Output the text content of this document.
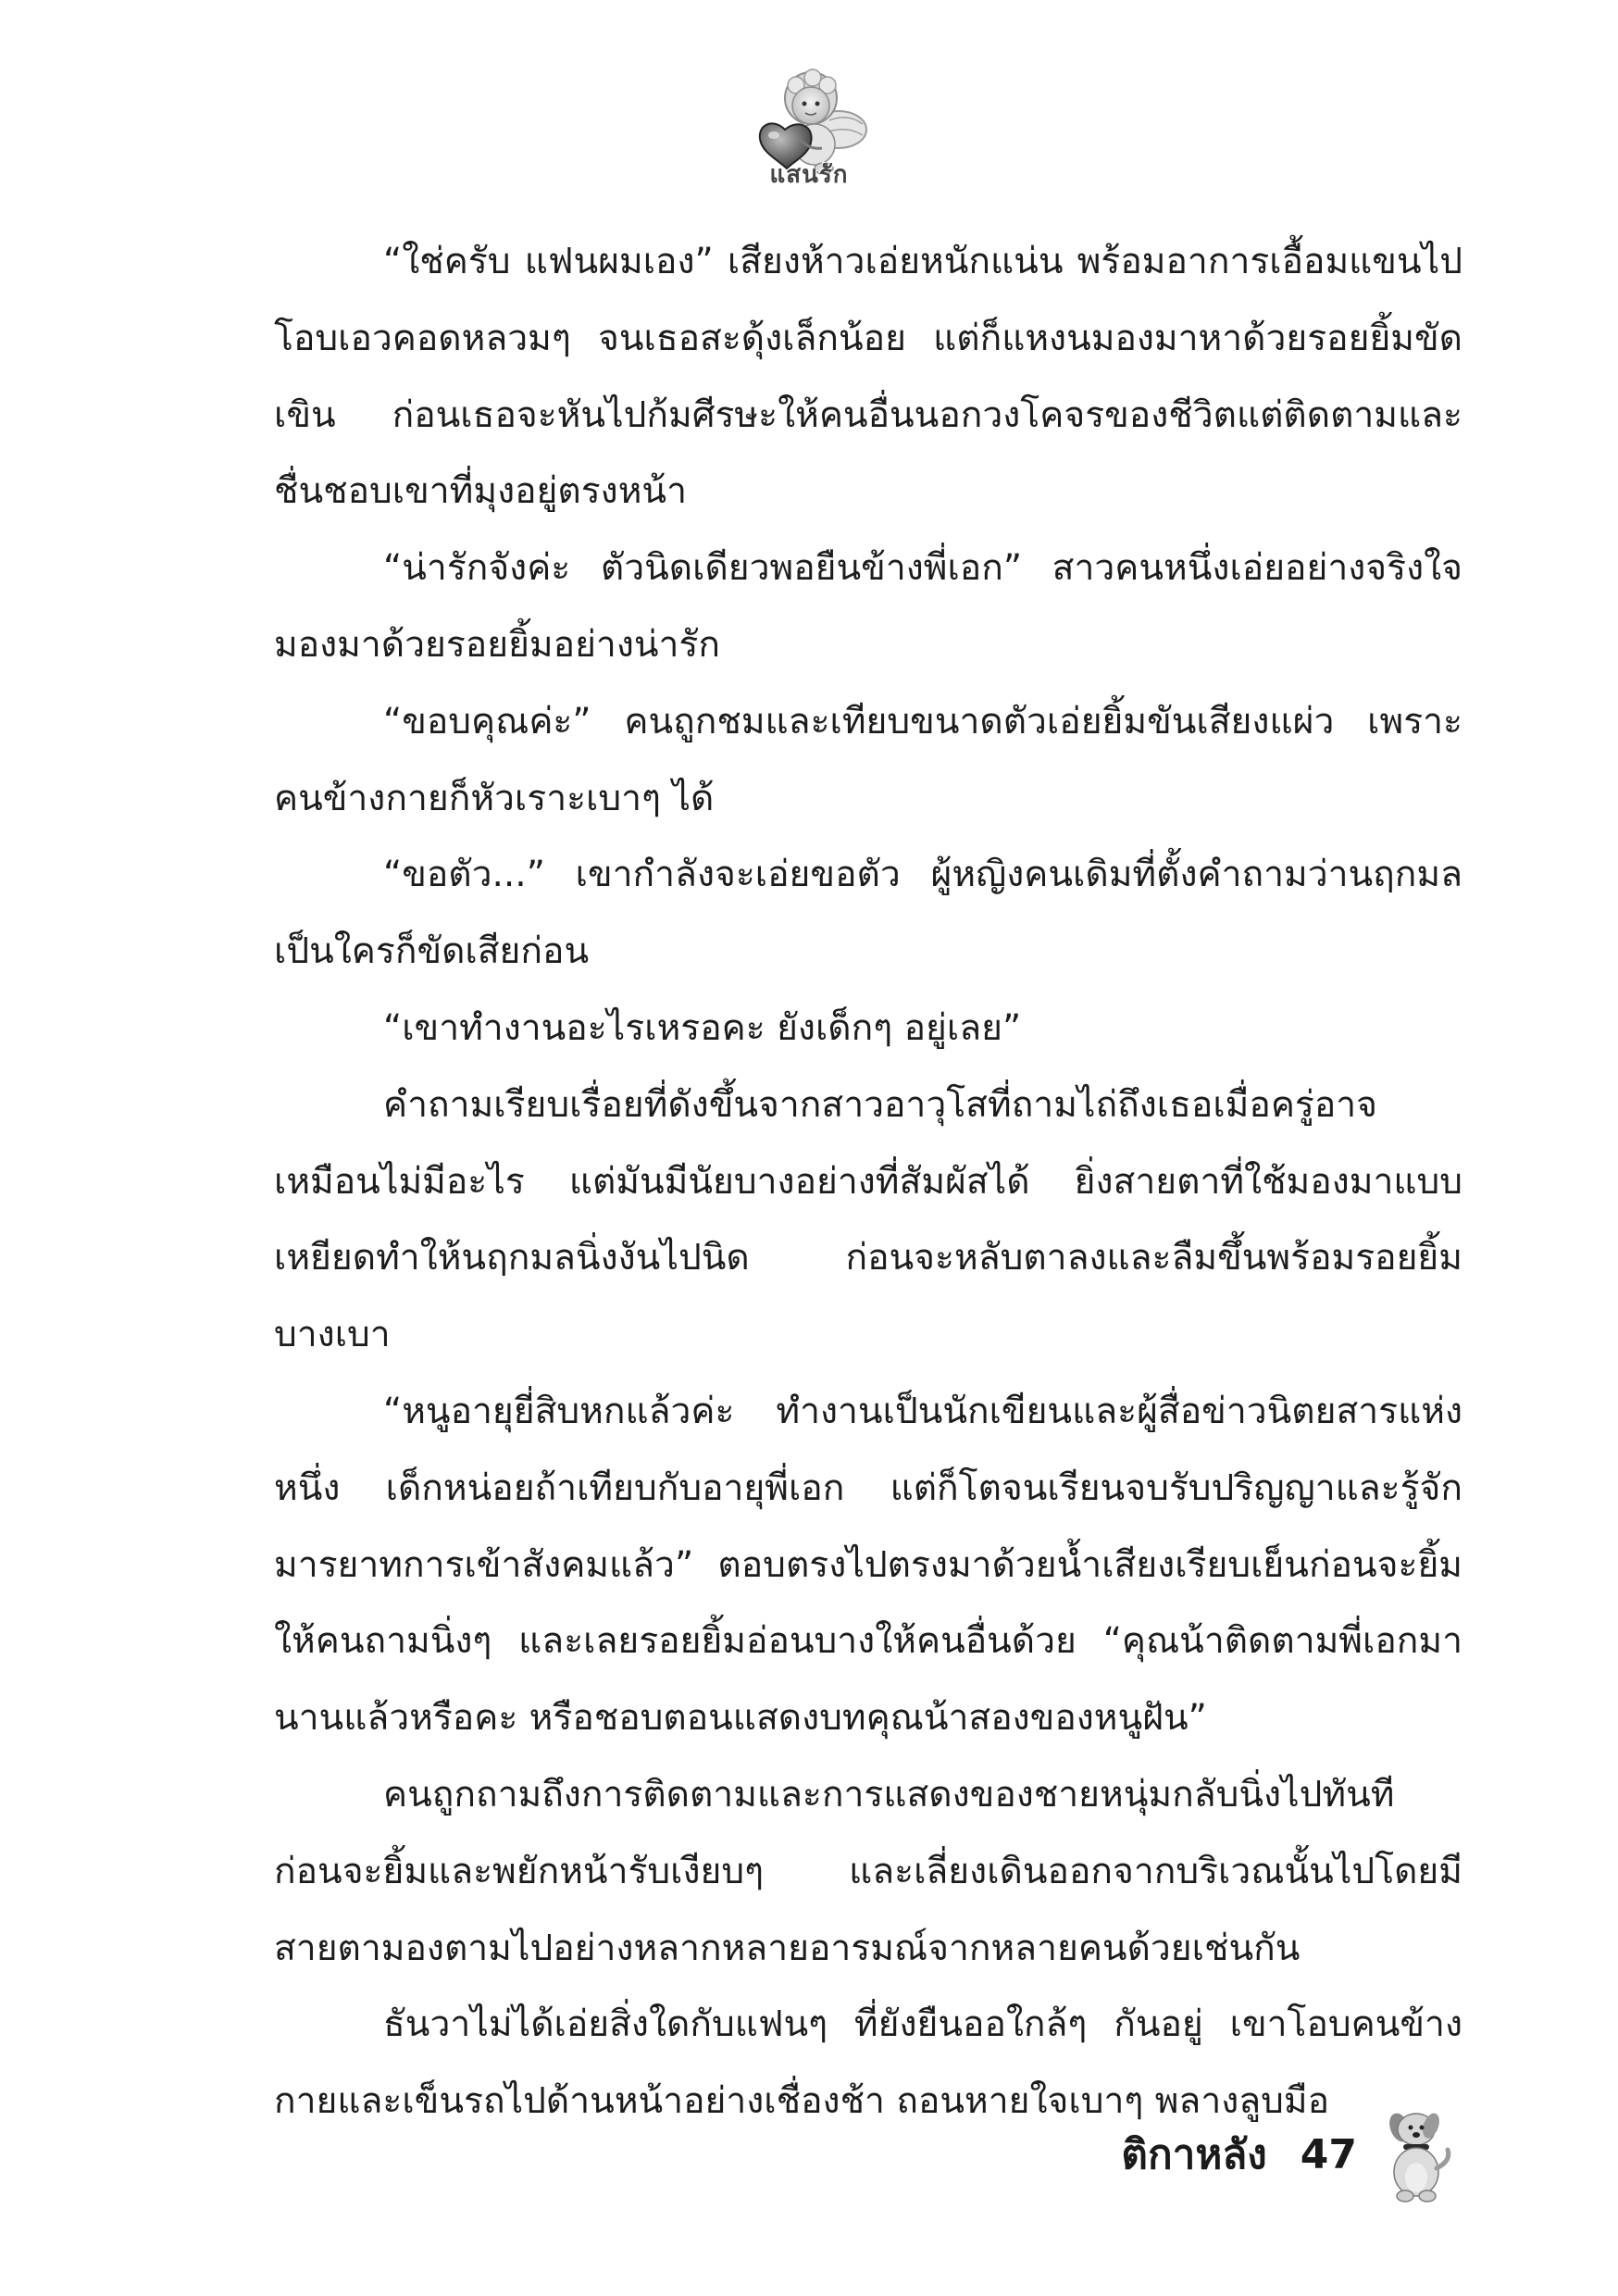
แสนรัก

“ใช่ครับ แฟนผมเอง” เสียงห้าวเอ่ยหนักแน่น พร้อมอาการเอื้อมแขนไปโอบเอวคอดหลวมๆ จนเธอสะดุ้งเล็กน้อย แต่ก็แหงนมองมาหาด้วยรอยยิ้มขัดเขิน ก่อนเธอจะหันไปก้มศีรษะให้คนอื่นนอกวงโคจรของชีวิตแต่ติดตามและชื่นชอบเขาที่มุงอยู่ตรงหน้า

“น่ารักจังค่ะ ตัวนิดเดียวพอยืนข้างพี่เอก” สาวคนหนึ่งเอ่ยอย่างจริงใจมองมาด้วยรอยยิ้มอย่างน่ารัก

“ขอบคุณค่ะ” คนถูกชมและเทียบขนาดตัวเอ่ยยิ้มขันเสียงแผ่ว เพราะคนข้างกายก็หัวเราะเบาๆ ได้

“ขอตัว...” เขากำลังจะเอ่ยขอตัว ผู้หญิงคนเดิมที่ตั้งคำถามว่านฤกมลเป็นใครก็ขัดเสียก่อน

“เขาทำงานอะไรเหรอคะ ยังเด็กๆ อยู่เลย”

คำถามเรียบเรื่อยที่ดังขึ้นจากสาวอาวุโสที่ถามไถ่ถึงเธอเมื่อครู่อาจเหมือนไม่มีอะไร แต่มันมีนัยบางอย่างที่สัมผัสได้ ยิ่งสายตาที่ใช้มองมาแบบเหยียดทำให้นฤกมลนิ่งงันไปนิด ก่อนจะหลับตาลงและลืมขึ้นพร้อมรอยยิ้มบางเบา

“หนูอายุยี่สิบหกแล้วค่ะ ทำงานเป็นนักเขียนและผู้สื่อข่าวนิตยสารแห่งหนึ่ง เด็กหน่อยถ้าเทียบกับอายุพี่เอก แต่ก็โตจนเรียนจบรับปริญญาและรู้จักมารยาทการเข้าสังคมแล้ว” ตอบตรงไปตรงมาด้วยน้ำเสียงเรียบเย็นก่อนจะยิ้มให้คนถามนิ่งๆ และเลยรอยยิ้มอ่อนบางให้คนอื่นด้วย “คุณน้าติดตามพี่เอกมานานแล้วหรือคะ หรือชอบตอนแสดงบทคุณน้าสองของหนูฝัน”

คนถูกถามถึงการติดตามและการแสดงของชายหนุ่มกลับนิ่งไปทันทีก่อนจะยิ้มและพยักหน้ารับเงียบๆ และเลี่ยงเดินออกจากบริเวณนั้นไปโดยมีสายตามองตามไปอย่างหลากหลายอารมณ์จากหลายคนด้วยเช่นกัน

ธันวาไม่ได้เอ่ยสิ่งใดกับแฟนๆ ที่ยังยืนออใกล้ๆ กันอยู่ เขาโอบคนข้างกายและเข็นรถไปด้านหน้าอย่างเชื่องช้า ถอนหายใจเบาๆ พลางลูบมือ

ติกาหลัง 47
